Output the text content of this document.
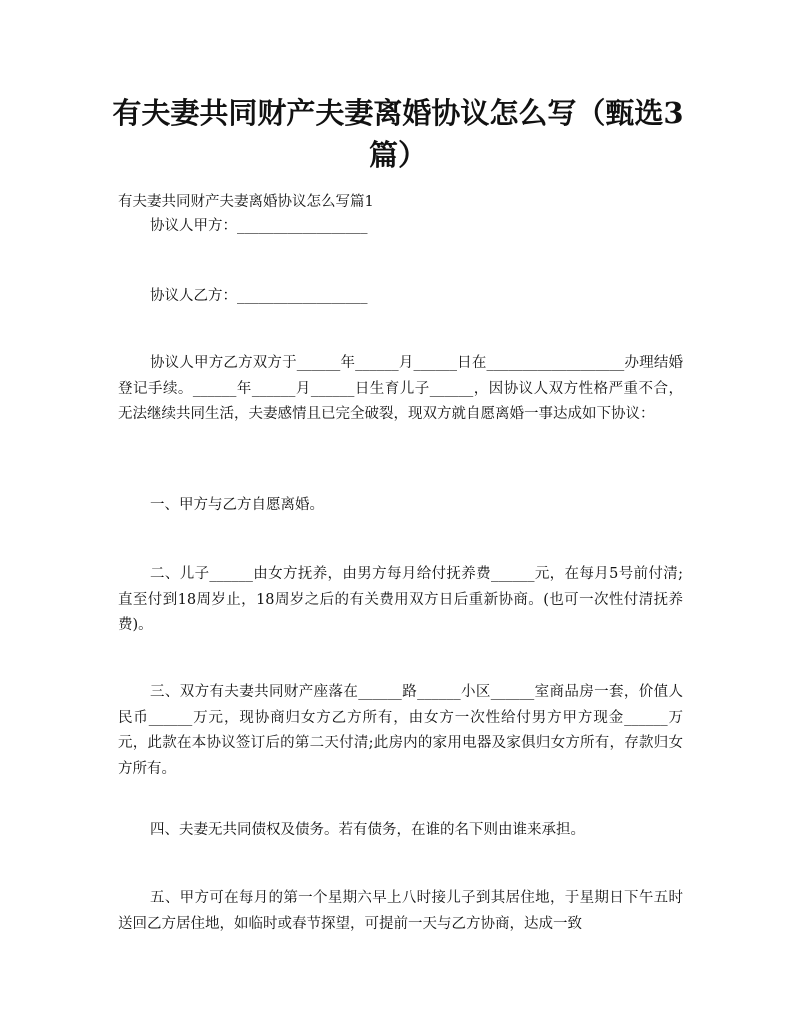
有夫妻共同财产夫妻离婚协议怎么写（甄选3篇）

有夫妻共同财产夫妻离婚协议怎么写篇1

协议人甲方：__________________

协议人乙方：__________________

协议人甲方乙方双方于______年______月______日在___________________办理结婚登记手续。______年______月______日生育儿子______，因协议人双方性格严重不合，无法继续共同生活，夫妻感情且已完全破裂，现双方就自愿离婚一事达成如下协议：

一、甲方与乙方自愿离婚。

二、儿子______由女方抚养，由男方每月给付抚养费______元，在每月5号前付清;直至付到18周岁止，18周岁之后的有关费用双方日后重新协商。(也可一次性付清抚养费)。

三、双方有夫妻共同财产座落在______路______小区______室商品房一套，价值人民币______万元，现协商归女方乙方所有，由女方一次性给付男方甲方现金______万元，此款在本协议签订后的第二天付清;此房内的家用电器及家俱归女方所有，存款归女方所有。

四、夫妻无共同债权及债务。若有债务，在谁的名下则由谁来承担。

五、甲方可在每月的第一个星期六早上八时接儿子到其居住地，于星期日下午五时送回乙方居住地，如临时或春节探望，可提前一天与乙方协商，达成一致
